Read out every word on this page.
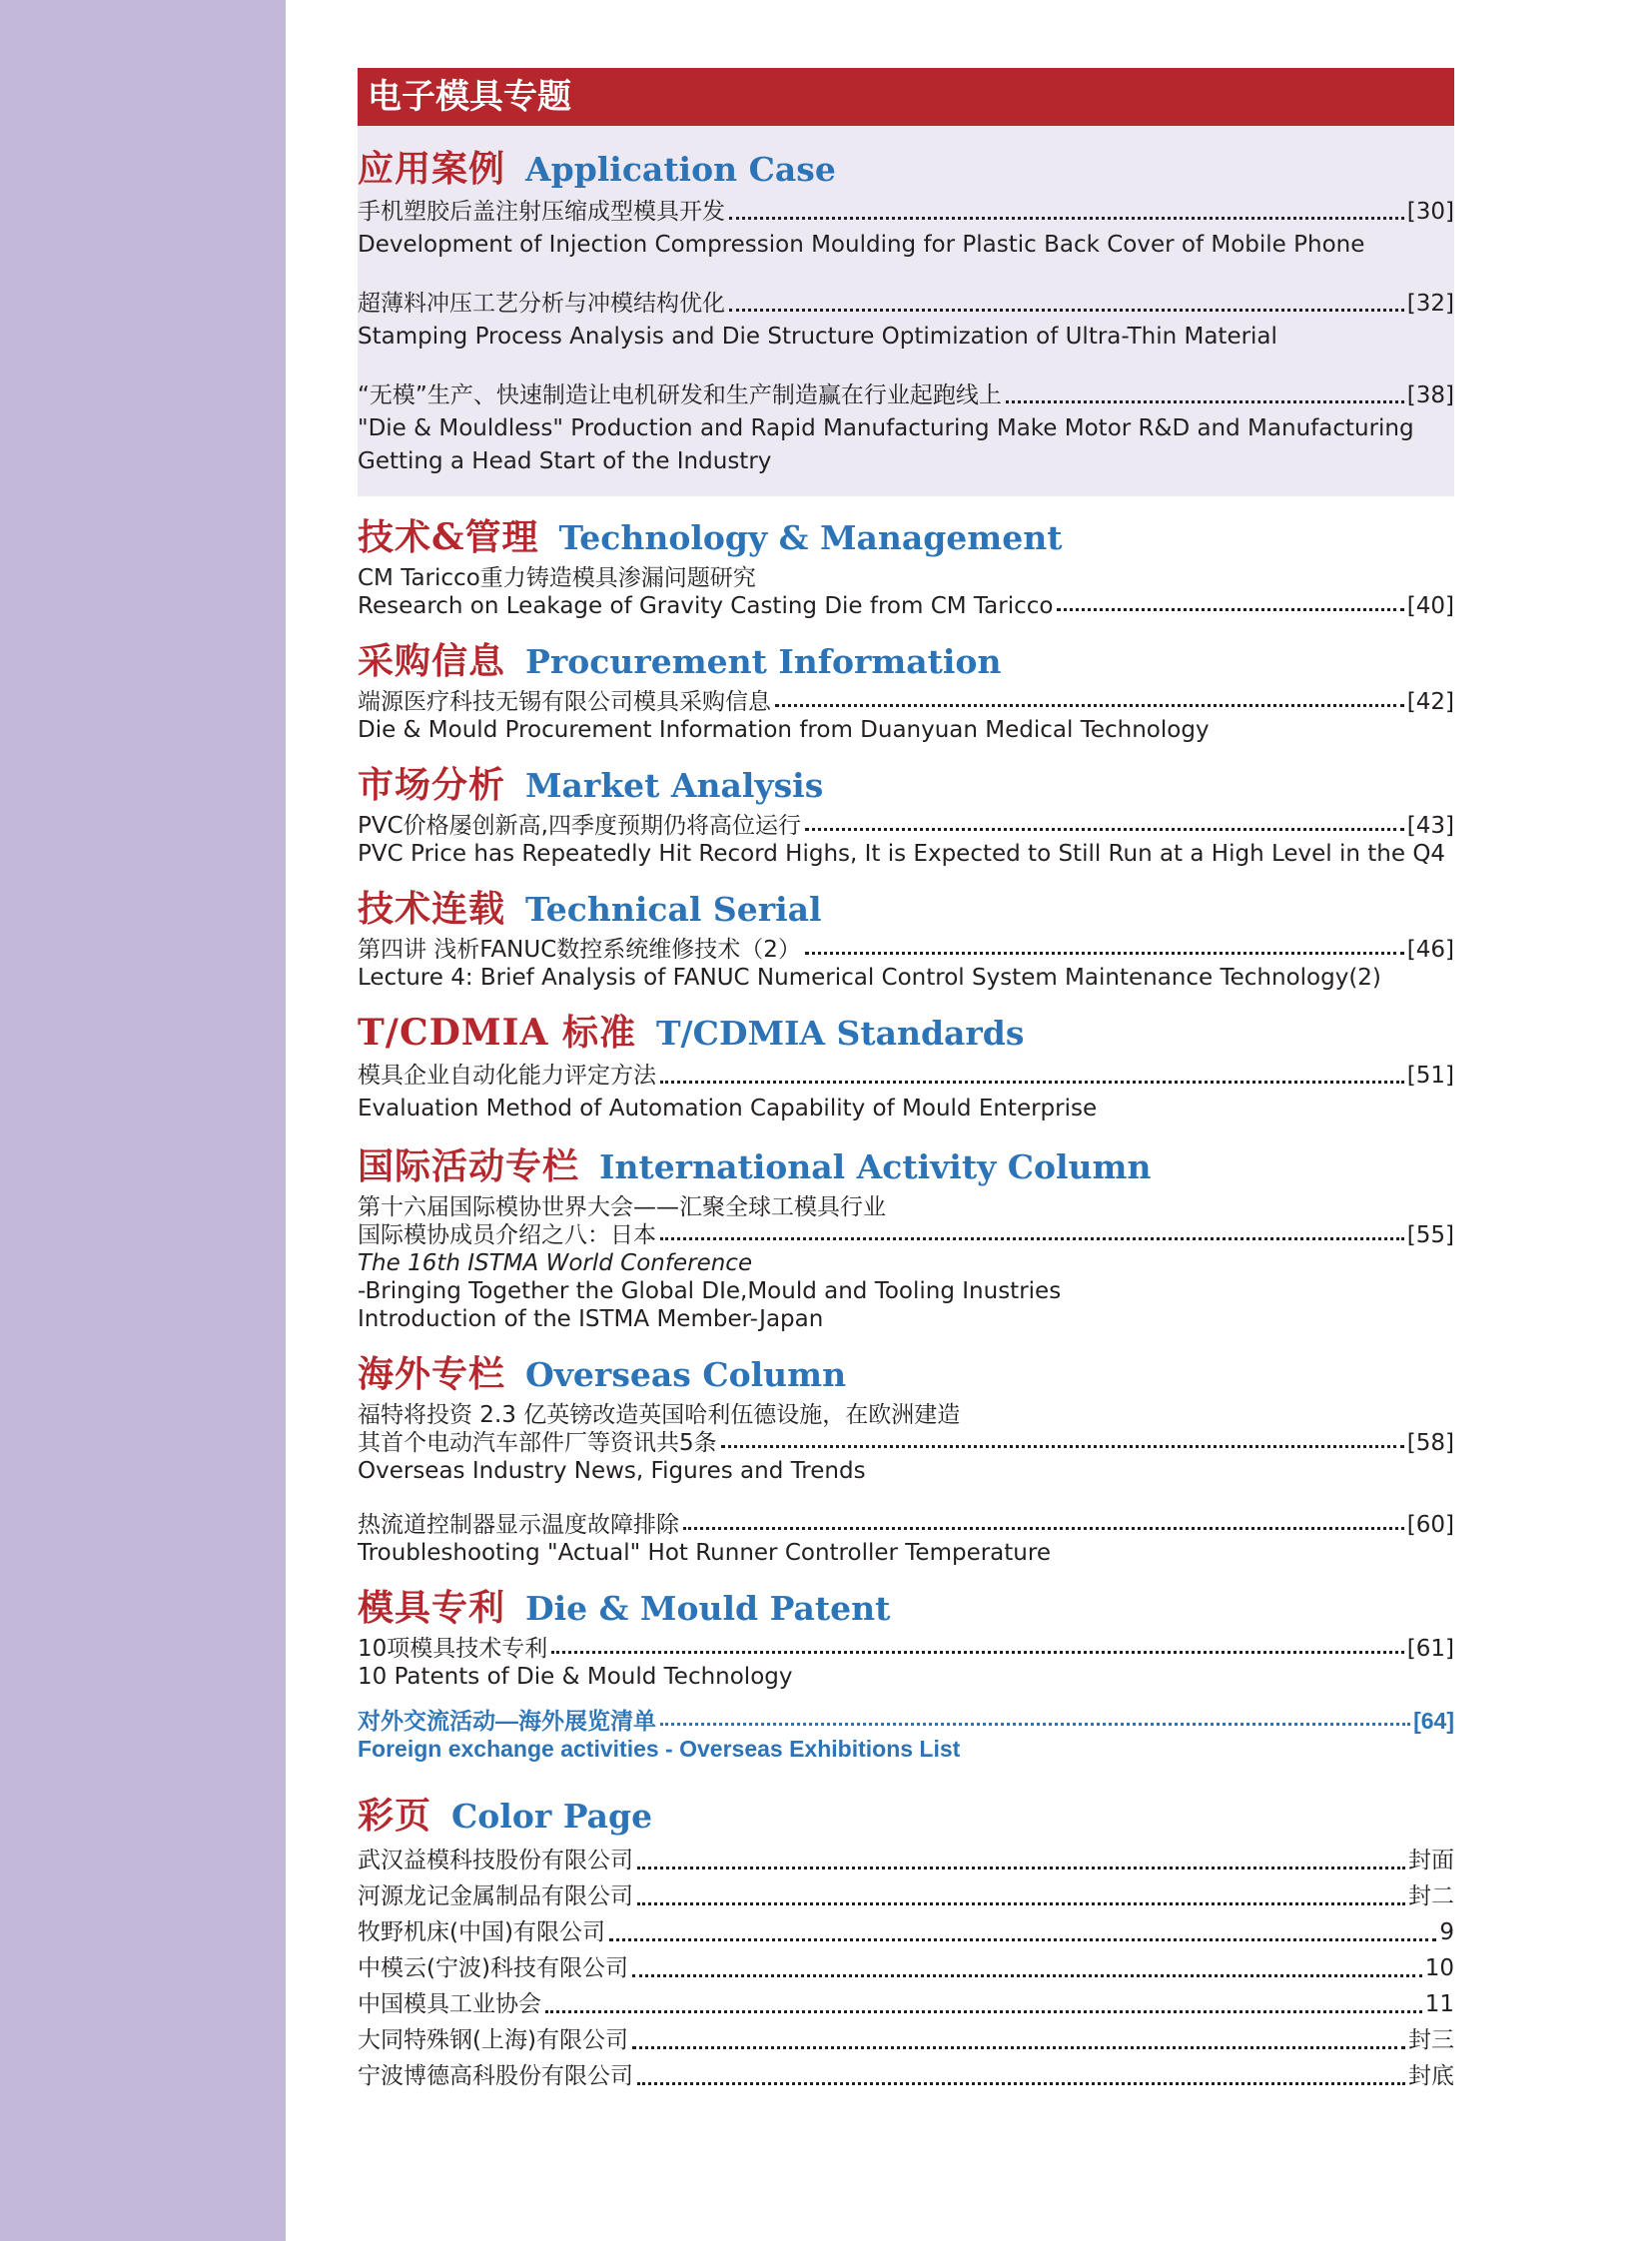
电子模具专题
应用案例 Application Case
手机塑胶后盖注射压缩成型模具开发	[30]
Development of Injection Compression Moulding for Plastic Back Cover of Mobile Phone
超薄料冲压工艺分析与冲模结构优化	[32]
Stamping Process Analysis and Die Structure Optimization of Ultra-Thin Material
“无模”生产、快速制造让电机研发和生产制造赢在行业起跑线上	[38]
"Die & Mouldless" Production and Rapid Manufacturing Make Motor R&D and Manufacturing
Getting a Head Start of the Industry
技术&管理 Technology & Management
CM Taricco重力铸造模具渗漏问题研究
Research on Leakage of Gravity Casting Die from CM Taricco	[40]
采购信息 Procurement Information
端源医疗科技无锡有限公司模具采购信息	[42]
Die & Mould Procurement Information from Duanyuan Medical Technology
市场分析 Market Analysis
PVC价格屡创新高,四季度预期仍将高位运行	[43]
PVC Price has Repeatedly Hit Record Highs, It is Expected to Still Run at a High Level in the Q4
技术连载 Technical Serial
第四讲 浅析FANUC数控系统维修技术（2）	[46]
Lecture 4: Brief Analysis of FANUC Numerical Control System Maintenance Technology(2)
T/CDMIA 标准 T/CDMIA Standards
模具企业自动化能力评定方法	[51]
Evaluation Method of Automation Capability of Mould Enterprise
国际活动专栏 International Activity Column
第十六届国际模协世界大会——汇聚全球工模具行业
国际模协成员介绍之八：日本	[55]
The 16th ISTMA World Conference
-Bringing Together the Global DIe,Mould and Tooling Inustries
Introduction of the ISTMA Member-Japan
海外专栏 Overseas Column
福特将投资 2.3 亿英镑改造英国哈利伍德设施，在欧洲建造
其首个电动汽车部件厂等资讯共5条	[58]
Overseas Industry News, Figures and Trends
热流道控制器显示温度故障排除	[60]
Troubleshooting "Actual" Hot Runner Controller Temperature
模具专利 Die & Mould Patent
10项模具技术专利	[61]
10 Patents of Die & Mould Technology
对外交流活动—海外展览清单	[64]
Foreign exchange activities - Overseas Exhibitions List
彩页 Color Page
武汉益模科技股份有限公司	封面
河源龙记金属制品有限公司	封二
牧野机床(中国)有限公司	9
中模云(宁波)科技有限公司	10
中国模具工业协会	11
大同特殊钢(上海)有限公司	封三
宁波博德高科股份有限公司	封底
